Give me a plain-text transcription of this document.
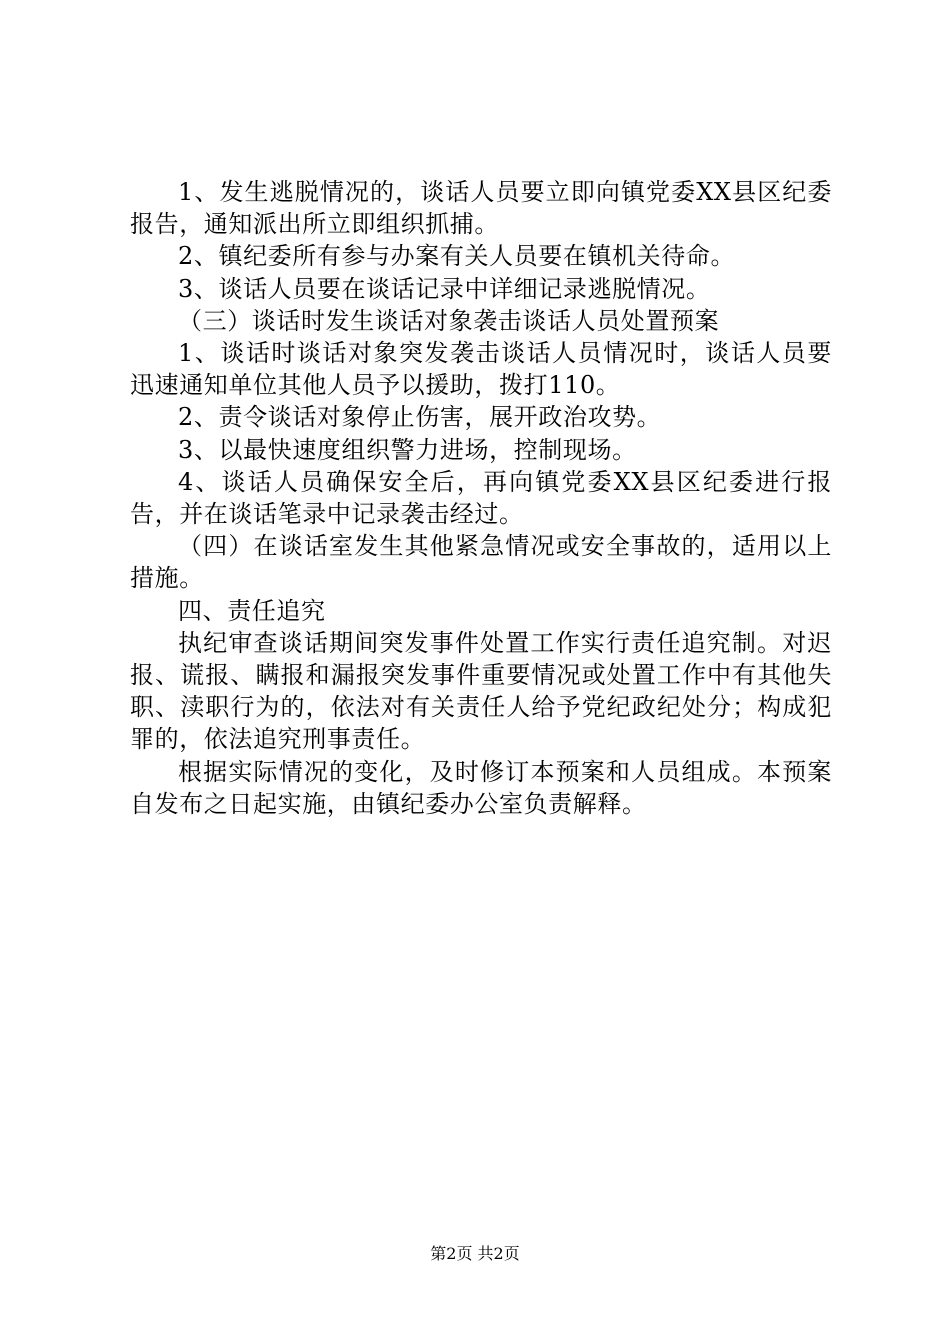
1、发生逃脱情况的，谈话人员要立即向镇党委XX县区纪委报告，通知派出所立即组织抓捕。

2、镇纪委所有参与办案有关人员要在镇机关待命。

3、谈话人员要在谈话记录中详细记录逃脱情况。

（三）谈话时发生谈话对象袭击谈话人员处置预案

1、谈话时谈话对象突发袭击谈话人员情况时，谈话人员要迅速通知单位其他人员予以援助，拨打110。

2、责令谈话对象停止伤害，展开政治攻势。

3、以最快速度组织警力进场，控制现场。

4、谈话人员确保安全后，再向镇党委XX县区纪委进行报告，并在谈话笔录中记录袭击经过。

（四）在谈话室发生其他紧急情况或安全事故的，适用以上措施。

四、责任追究

执纪审查谈话期间突发事件处置工作实行责任追究制。对迟报、谎报、瞒报和漏报突发事件重要情况或处置工作中有其他失职、渎职行为的，依法对有关责任人给予党纪政纪处分；构成犯罪的，依法追究刑事责任。

根据实际情况的变化，及时修订本预案和人员组成。本预案自发布之日起实施，由镇纪委办公室负责解释。

第2页 共2页
